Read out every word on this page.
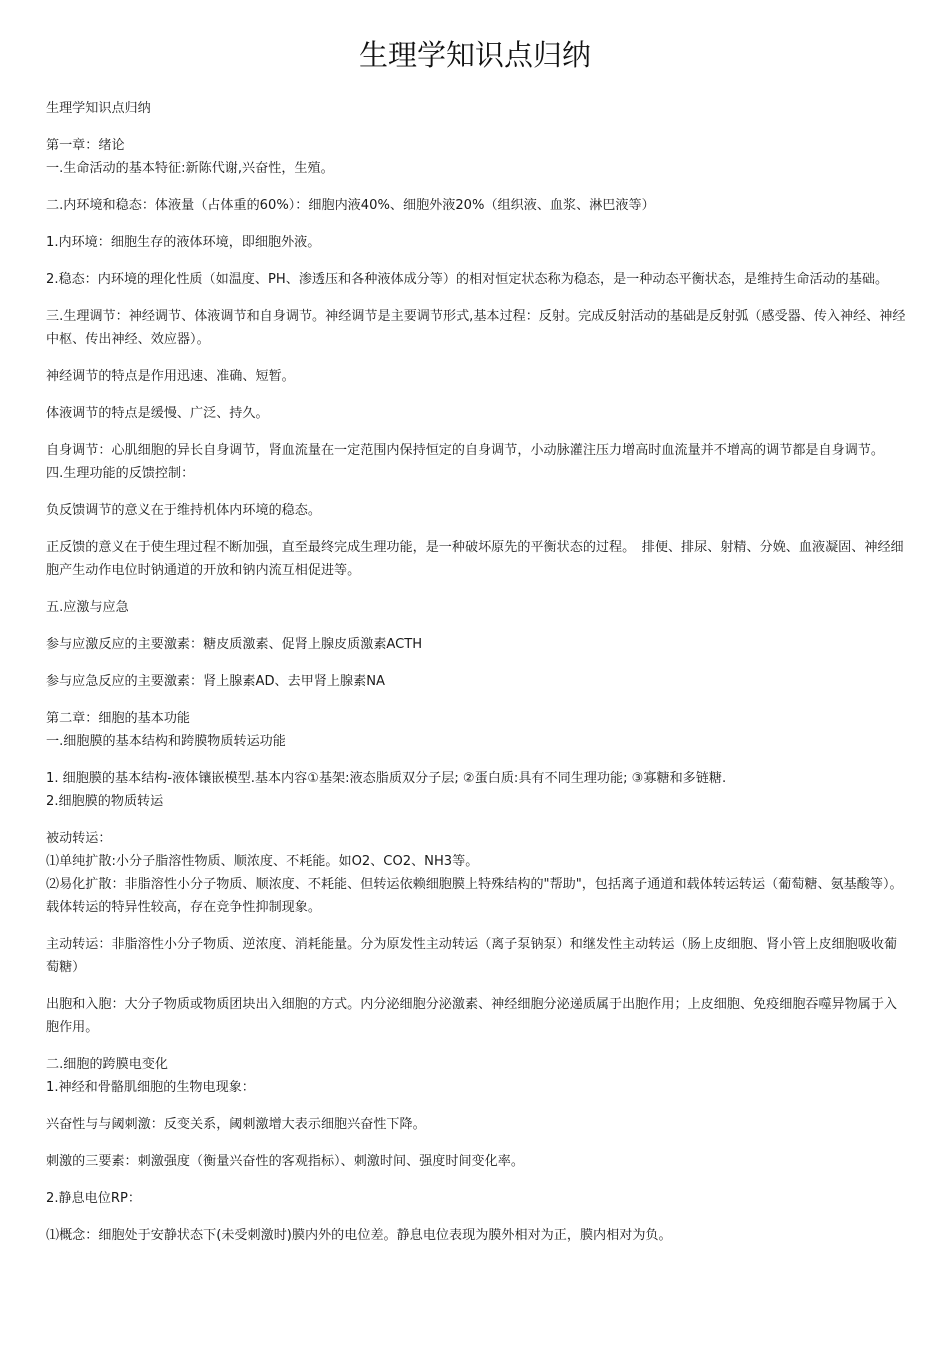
生理学知识点归纳

生理学知识点归纳

第一章：绪论

一.生命活动的基本特征:新陈代谢,兴奋性，生殖。

二.内环境和稳态：体液量（占体重的60%）：细胞内液40%、细胞外液20%（组织液、血浆、淋巴液等）

1.内环境：细胞生存的液体环境，即细胞外液。

2.稳态：内环境的理化性质（如温度、PH、渗透压和各种液体成分等）的相对恒定状态称为稳态，是一种动态平衡状态，是维持生命活动的基础。

三.生理调节：神经调节、体液调节和自身调节。神经调节是主要调节形式,基本过程：反射。完成反射活动的基础是反射弧（感受器、传入神经、神经中枢、传出神经、效应器）。

神经调节的特点是作用迅速、准确、短暂。

体液调节的特点是缓慢、广泛、持久。

自身调节：心肌细胞的异长自身调节，肾血流量在一定范围内保持恒定的自身调节，小动脉灌注压力增高时血流量并不增高的调节都是自身调节。

四.生理功能的反馈控制：

负反馈调节的意义在于维持机体内环境的稳态。

正反馈的意义在于使生理过程不断加强，直至最终完成生理功能，是一种破坏原先的平衡状态的过程。　排便、排尿、射精、分娩、血液凝固、神经细胞产生动作电位时钠通道的开放和钠内流互相促进等。

五.应激与应急

参与应激反应的主要激素：糖皮质激素、促肾上腺皮质激素ACTH

参与应急反应的主要激素：肾上腺素AD、去甲肾上腺素NA

第二章：细胞的基本功能

一.细胞膜的基本结构和跨膜物质转运功能

1. 细胞膜的基本结构-液体镶嵌模型.基本内容①基架:液态脂质双分子层; ②蛋白质:具有不同生理功能; ③寡糖和多链糖.

2.细胞膜的物质转运

被动转运：

⑴单纯扩散:小分子脂溶性物质、顺浓度、不耗能。如O2、CO2、NH3等。

⑵易化扩散：非脂溶性小分子物质、顺浓度、不耗能、但转运依赖细胞膜上特殊结构的"帮助"，包括离子通道和载体转运转运（葡萄糖、氨基酸等）。载体转运的特异性较高，存在竞争性抑制现象。

主动转运：非脂溶性小分子物质、逆浓度、消耗能量。分为原发性主动转运（离子泵钠泵）和继发性主动转运（肠上皮细胞、肾小管上皮细胞吸收葡萄糖）

出胞和入胞：大分子物质或物质团块出入细胞的方式。内分泌细胞分泌激素、神经细胞分泌递质属于出胞作用；上皮细胞、免疫细胞吞噬异物属于入胞作用。

二.细胞的跨膜电变化

1.神经和骨骼肌细胞的生物电现象：

兴奋性与与阈刺激：反变关系，阈刺激增大表示细胞兴奋性下降。

刺激的三要素：刺激强度（衡量兴奋性的客观指标）、刺激时间、强度时间变化率。

2.静息电位RP：

⑴概念：细胞处于安静状态下(未受刺激时)膜内外的电位差。静息电位表现为膜外相对为正，膜内相对为负。
